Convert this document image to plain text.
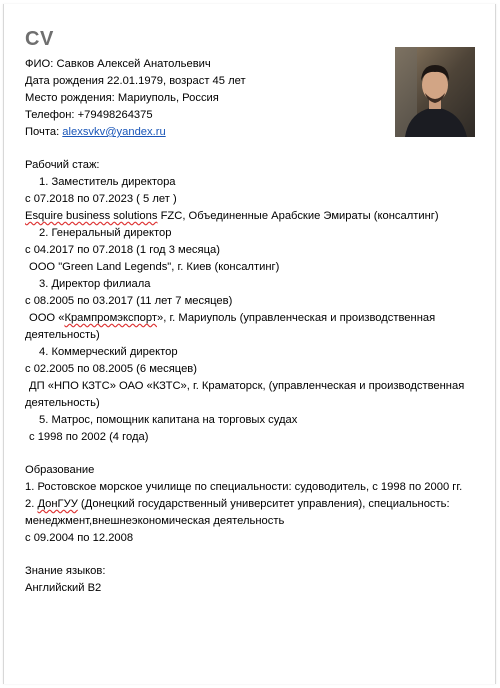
CV
ФИО: Савков Алексей Анатольевич
Дата рождения 22.01.1979, возраст 45 лет
Место рождения: Мариуполь, Россия
Телефон: +79498264375
Почта: alexsvkv@yandex.ru
Рабочий стаж:
1. Заместитель директора
с 07.2018 по 07.2023 ( 5 лет )
Esquire business solutions FZC, Объединенные Арабские Эмираты (консалтинг)
2. Генеральный директор
с 04.2017 по 07.2018 (1 год 3 месяца)
ООО "Green Land Legends", г. Киев (консалтинг)
3. Директор филиала
с 08.2005 по 03.2017 (11 лет 7 месяцев)
ООО «Крампромэкспорт», г. Мариуполь (управленческая и производственная
деятельность)
4. Коммерческий директор
с 02.2005 по 08.2005 (6 месяцев)
ДП «НПО КЗТС» ОАО «КЗТС», г. Краматорск, (управленческая и производственная
деятельность)
5. Матрос, помощник капитана на торговых судах
с 1998 по 2002 (4 года)
Образование
1. Ростовское морское училище по специальности: судоводитель, с 1998 по 2000 гг.
2. ДонГУУ (Донецкий государственный университет управления), специальность:
менеджмент,внешнеэкономическая деятельность
с 09.2004 по 12.2008
Знание языков:
Английский В2
